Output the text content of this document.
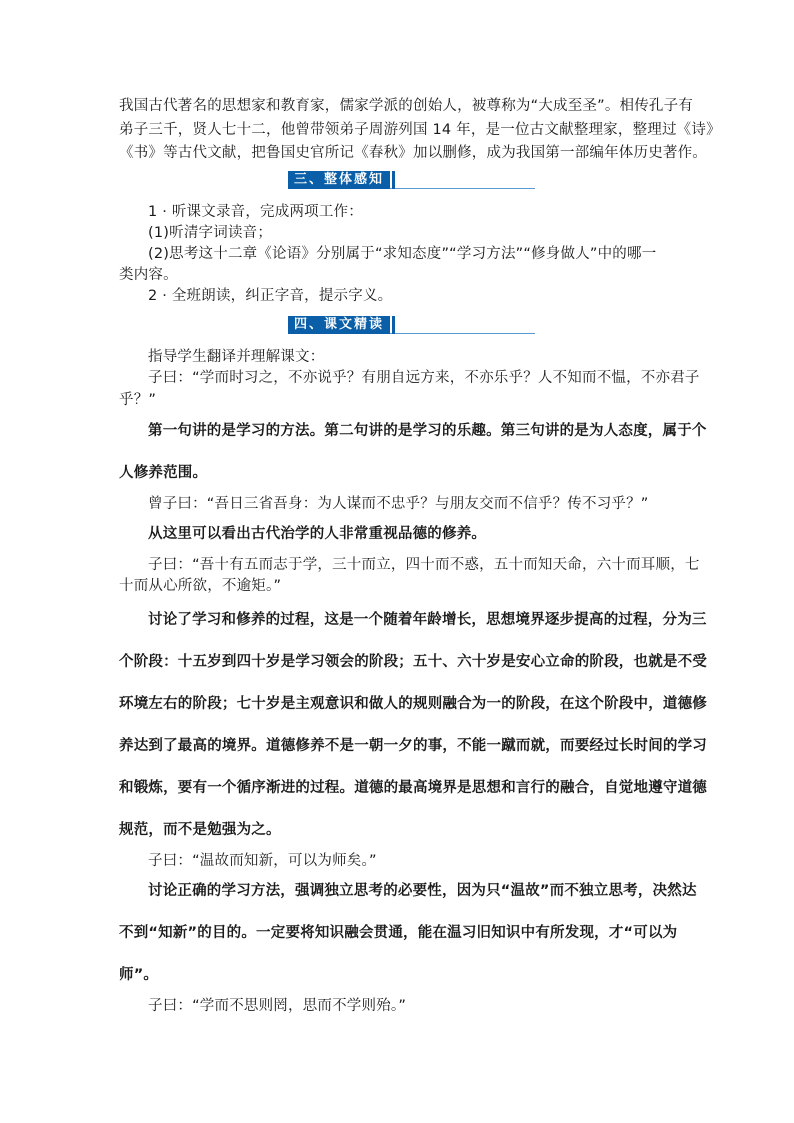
我国古代著名的思想家和教育家，儒家学派的创始人，被尊称为“大成至圣”。相传孔子有
弟子三千，贤人七十二，他曾带领弟子周游列国 14 年，是一位古文献整理家，整理过《诗》
《书》等古代文献，把鲁国史官所记《春秋》加以删修，成为我国第一部编年体历史著作。
三、整体感知
1 · 听课文录音，完成两项工作：
(1)听清字词读音；
(2)思考这十二章《论语》分别属于“求知态度”“学习方法”“修身做人”中的哪一
类内容。
2 · 全班朗读，纠正字音，提示字义。
四、课文精读
指导学生翻译并理解课文：
子曰：“学而时习之，不亦说乎？有朋自远方来，不亦乐乎？人不知而不愠，不亦君子
乎？”
第一句讲的是学习的方法。第二句讲的是学习的乐趣。第三句讲的是为人态度，属于个
人修养范围。
曾子曰：“吾日三省吾身：为人谋而不忠乎？与朋友交而不信乎？传不习乎？”
从这里可以看出古代治学的人非常重视品德的修养。
子曰：“吾十有五而志于学，三十而立，四十而不惑，五十而知天命，六十而耳顺，七
十而从心所欲，不逾矩。”
讨论了学习和修养的过程，这是一个随着年龄增长，思想境界逐步提高的过程，分为三
个阶段：十五岁到四十岁是学习领会的阶段；五十、六十岁是安心立命的阶段，也就是不受
环境左右的阶段；七十岁是主观意识和做人的规则融合为一的阶段，在这个阶段中，道德修
养达到了最高的境界。道德修养不是一朝一夕的事，不能一蹴而就，而要经过长时间的学习
和锻炼，要有一个循序渐进的过程。道德的最高境界是思想和言行的融合，自觉地遵守道德
规范，而不是勉强为之。
子曰：“温故而知新，可以为师矣。”
讨论正确的学习方法，强调独立思考的必要性，因为只“温故”而不独立思考，决然达
不到“知新”的目的。一定要将知识融会贯通，能在温习旧知识中有所发现，才“可以为
师”。
子曰：“学而不思则罔，思而不学则殆。”
